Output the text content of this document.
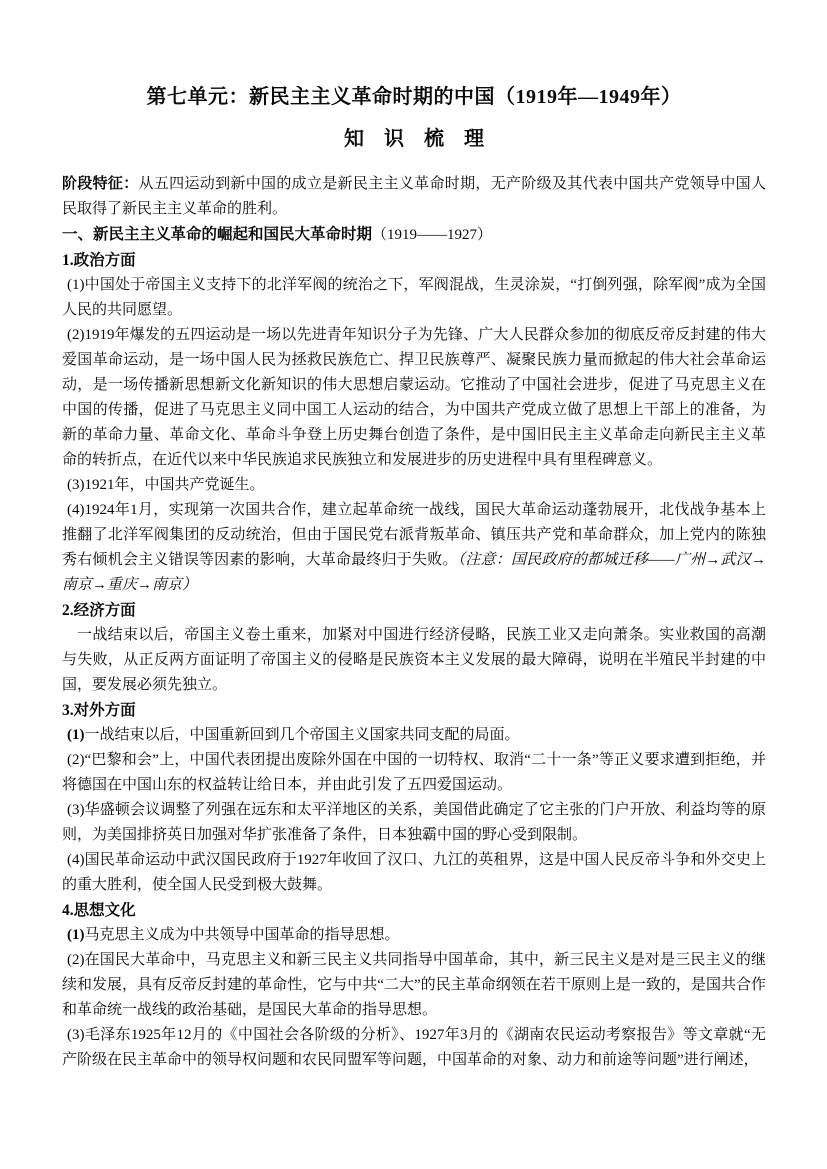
第七单元：新民主主义革命时期的中国（1919年—1949年）
知　识　梳　理

阶段特征：从五四运动到新中国的成立是新民主主义革命时期，无产阶级及其代表中国共产党领导中国人民取得了新民主主义革命的胜利。

一、新民主主义革命的崛起和国民大革命时期（1919——1927）

1.政治方面

(1)中国处于帝国主义支持下的北洋军阀的统治之下，军阀混战，生灵涂炭，“打倒列强，除军阀”成为全国人民的共同愿望。

(2)1919年爆发的五四运动是一场以先进青年知识分子为先锋、广大人民群众参加的彻底反帝反封建的伟大爱国革命运动，是一场中国人民为拯救民族危亡、捍卫民族尊严、凝聚民族力量而掀起的伟大社会革命运动，是一场传播新思想新文化新知识的伟大思想启蒙运动。它推动了中国社会进步，促进了马克思主义在中国的传播，促进了马克思主义同中国工人运动的结合，为中国共产党成立做了思想上干部上的准备，为新的革命力量、革命文化、革命斗争登上历史舞台创造了条件，是中国旧民主主义革命走向新民主主义革命的转折点，在近代以来中华民族追求民族独立和发展进步的历史进程中具有里程碑意义。

(3)1921年，中国共产党诞生。

(4)1924年1月，实现第一次国共合作，建立起革命统一战线，国民大革命运动蓬勃展开，北伐战争基本上推翻了北洋军阀集团的反动统治，但由于国民党右派背叛革命、镇压共产党和革命群众，加上党内的陈独秀右倾机会主义错误等因素的影响，大革命最终归于失败。（注意：国民政府的都城迁移——广州→武汉→南京→重庆→南京）

2.经济方面

一战结束以后，帝国主义卷土重来，加紧对中国进行经济侵略，民族工业又走向萧条。实业救国的高潮与失败，从正反两方面证明了帝国主义的侵略是民族资本主义发展的最大障碍，说明在半殖民半封建的中国，要发展必须先独立。

3.对外方面

(1)一战结束以后，中国重新回到几个帝国主义国家共同支配的局面。

(2)“巴黎和会”上，中国代表团提出废除外国在中国的一切特权、取消“二十一条”等正义要求遭到拒绝，并将德国在中国山东的权益转让给日本，并由此引发了五四爱国运动。

(3)华盛顿会议调整了列强在远东和太平洋地区的关系，美国借此确定了它主张的门户开放、利益均等的原则，为美国排挤英日加强对华扩张准备了条件，日本独霸中国的野心受到限制。

(4)国民革命运动中武汉国民政府于1927年收回了汉口、九江的英租界，这是中国人民反帝斗争和外交史上的重大胜利，使全国人民受到极大鼓舞。

4.思想文化

(1)马克思主义成为中共领导中国革命的指导思想。

(2)在国民大革命中，马克思主义和新三民主义共同指导中国革命，其中，新三民主义是对是三民主义的继续和发展，具有反帝反封建的革命性，它与中共“二大”的民主革命纲领在若干原则上是一致的，是国共合作和革命统一战线的政治基础，是国民大革命的指导思想。

(3)毛泽东1925年12月的《中国社会各阶级的分析》、1927年3月的《湖南农民运动考察报告》等文章就“无产阶级在民主革命中的领导权问题和农民同盟军等问题，中国革命的对象、动力和前途等问题”进行阐述，
